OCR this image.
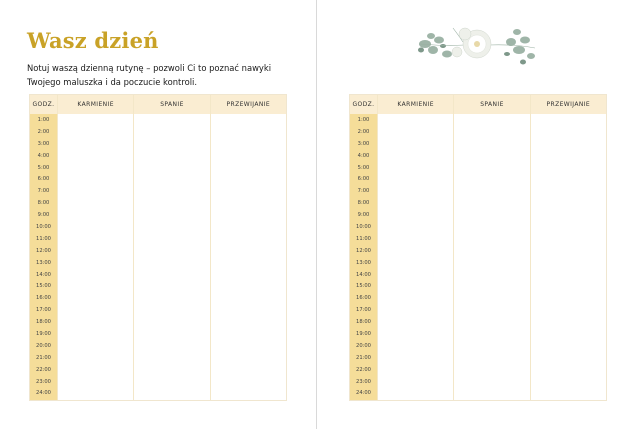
Wasz dzień

Notuj waszą dzienną rutynę – pozwoli Ci to poznać nawyki Twojego maluszka i da poczucie kontroli.

GODZ.	KARMIENIE	SPANIE	PRZEWIJANIE
1:00
2:00
3:00
4:00
5:00
6:00
7:00
8:00
9:00
10:00
11:00
12:00
13:00
14:00
15:00
16:00
17:00
18:00
19:00
20:00
21:00
22:00
23:00
24:00
GODZ.	KARMIENIE	SPANIE	PRZEWIJANIE
1:00
2:00
3:00
4:00
5:00
6:00
7:00
8:00
9:00
10:00
11:00
12:00
13:00
14:00
15:00
16:00
17:00
18:00
19:00
20:00
21:00
22:00
23:00
24:00
